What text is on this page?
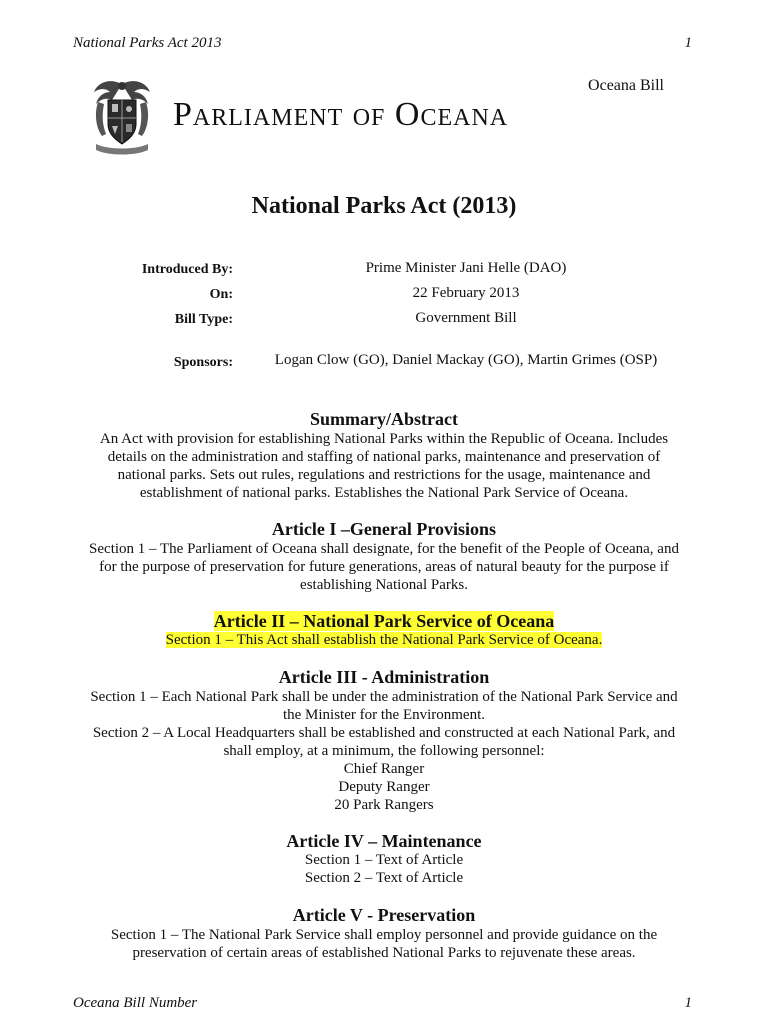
National Parks Act 2013	1
Oceana Bill
Parliament of Oceana
National Parks Act (2013)
Introduced By:	Prime Minister Jani Helle (DAO)
On:	22 February 2013
Bill Type:	Government Bill
Sponsors:	Logan Clow (GO), Daniel Mackay (GO), Martin Grimes (OSP)
Summary/Abstract
An Act with provision for establishing National Parks within the Republic of Oceana. Includes
details on the administration and staffing of national parks, maintenance and preservation of
national parks. Sets out rules, regulations and restrictions for the usage, maintenance and
establishment of national parks. Establishes the National Park Service of Oceana.
Article I –General Provisions
Section 1 – The Parliament of Oceana shall designate, for the benefit of the People of Oceana, and
for the purpose of preservation for future generations, areas of natural beauty for the purpose if
establishing National Parks.
Article II – National Park Service of Oceana
Section 1 – This Act shall establish the National Park Service of Oceana.
Article III - Administration
Section 1 – Each National Park shall be under the administration of the National Park Service and
the Minister for the Environment.
Section 2 – A Local Headquarters shall be established and constructed at each National Park, and
shall employ, at a minimum, the following personnel:
Chief Ranger
Deputy Ranger
20 Park Rangers
Article IV – Maintenance
Section 1 – Text of Article
Section 2 – Text of Article
Article V - Preservation
Section 1 – The National Park Service shall employ personnel and provide guidance on the
preservation of certain areas of established National Parks to rejuvenate these areas.
Oceana Bill Number	1
